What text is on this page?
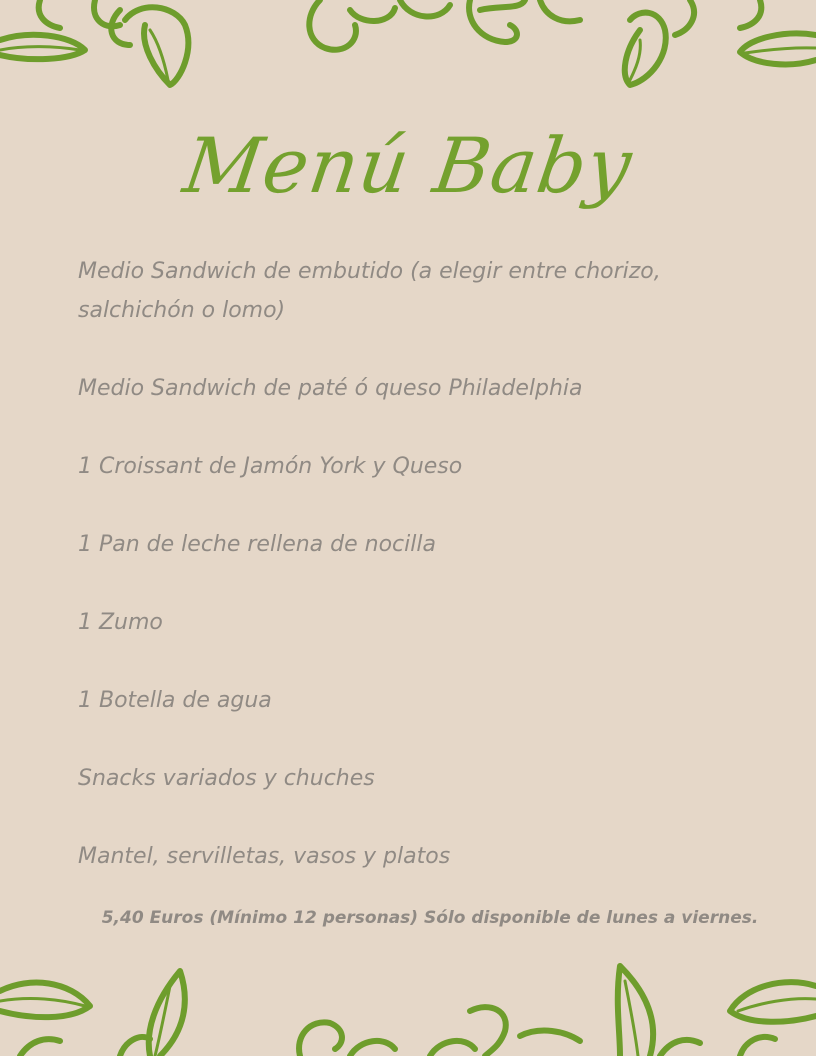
Menú Baby
Medio Sandwich de embutido (a elegir entre chorizo, salchichón o lomo)
Medio Sandwich de paté ó queso Philadelphia
1 Croissant de Jamón York y Queso
1 Pan de leche rellena de nocilla
1 Zumo
1 Botella de agua
Snacks variados y chuches
Mantel, servilletas, vasos y platos
5,40 Euros (Mínimo 12 personas) Sólo disponible de lunes a viernes.
